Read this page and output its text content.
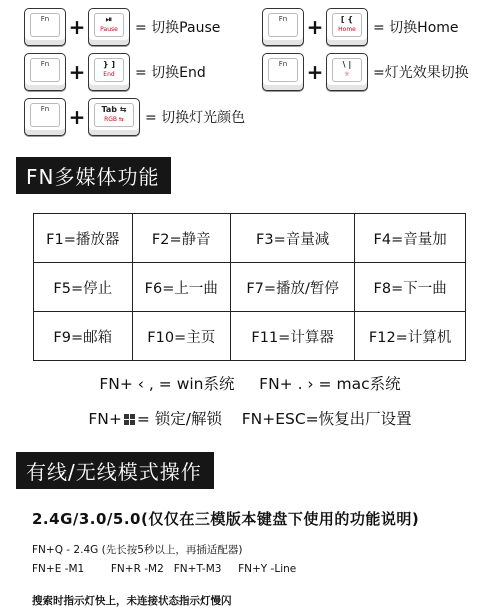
Fn +	⏯
Pause	= 切换Pause
Fn +	[ {
Home	= 切换Home
Fn +	} ]
End	= 切换End
Fn +	\ |
☼	=灯光效果切换
Fn +	Tab ⇆
RGB ⇆	= 切换灯光颜色
FN多媒体功能
F1=播放器	F2=静音	F3=音量减	F4=音量加
F5=停止	F6=上一曲	F7=播放/暂停	F8=下一曲
F9=邮箱	F10=主页	F11=计算器	F12=计算机
FN+ ‹ , = win系统 FN+ . › = mac系统
FN+ = 锁定/解锁 FN+ESC=恢复出厂设置
有线/无线模式操作
2.4G/3.0/5.0(仅仅在三模版本键盘下使用的功能说明)
FN+Q - 2.4G (先长按5秒以上，再插适配器)
FN+E -M1        FN+R -M2   FN+T-M3     FN+Y -Line
搜索时指示灯快上，未连接状态指示灯慢闪
